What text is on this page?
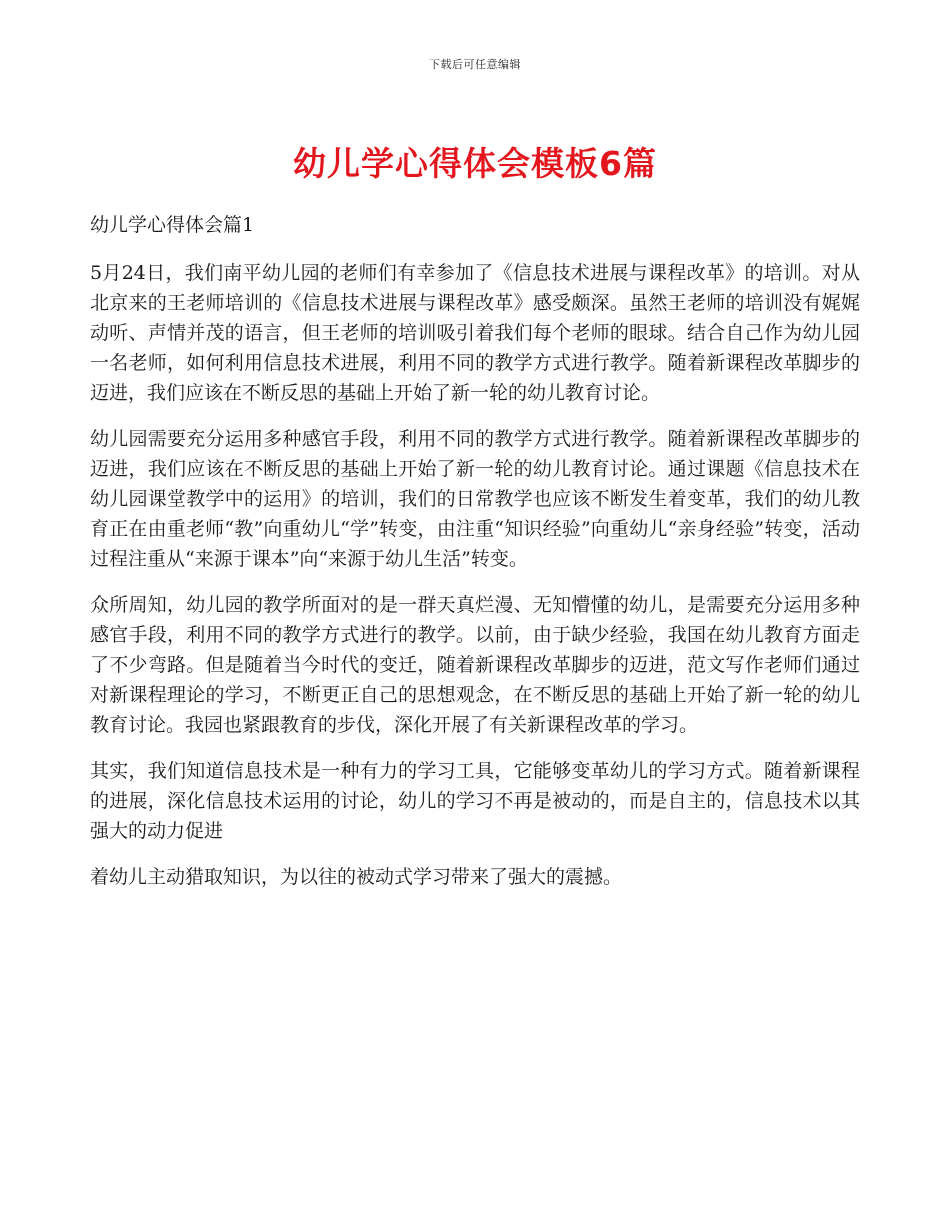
下载后可任意编辑
幼儿学心得体会模板6篇

幼儿学心得体会篇1

5月24日，我们南平幼儿园的老师们有幸参加了《信息技术进展与课程改革》的培训。对从北京来的王老师培训的《信息技术进展与课程改革》感受颇深。虽然王老师的培训没有娓娓动听、声情并茂的语言，但王老师的培训吸引着我们每个老师的眼球。结合自己作为幼儿园一名老师，如何利用信息技术进展，利用不同的教学方式进行教学。随着新课程改革脚步的迈进，我们应该在不断反思的基础上开始了新一轮的幼儿教育讨论。

幼儿园需要充分运用多种感官手段，利用不同的教学方式进行教学。随着新课程改革脚步的迈进，我们应该在不断反思的基础上开始了新一轮的幼儿教育讨论。通过课题《信息技术在幼儿园课堂教学中的运用》的培训，我们的日常教学也应该不断发生着变革，我们的幼儿教育正在由重老师“教”向重幼儿“学”转变，由注重“知识经验”向重幼儿“亲身经验”转变，活动过程注重从“来源于课本”向“来源于幼儿生活”转变。

众所周知，幼儿园的教学所面对的是一群天真烂漫、无知懵懂的幼儿，是需要充分运用多种感官手段，利用不同的教学方式进行的教学。以前，由于缺少经验，我国在幼儿教育方面走了不少弯路。但是随着当今时代的变迁，随着新课程改革脚步的迈进，范文写作老师们通过对新课程理论的学习，不断更正自己的思想观念，在不断反思的基础上开始了新一轮的幼儿教育讨论。我园也紧跟教育的步伐，深化开展了有关新课程改革的学习。

其实，我们知道信息技术是一种有力的学习工具，它能够变革幼儿的学习方式。随着新课程的进展，深化信息技术运用的讨论，幼儿的学习不再是被动的，而是自主的，信息技术以其强大的动力促进

着幼儿主动猎取知识，为以往的被动式学习带来了强大的震撼。
